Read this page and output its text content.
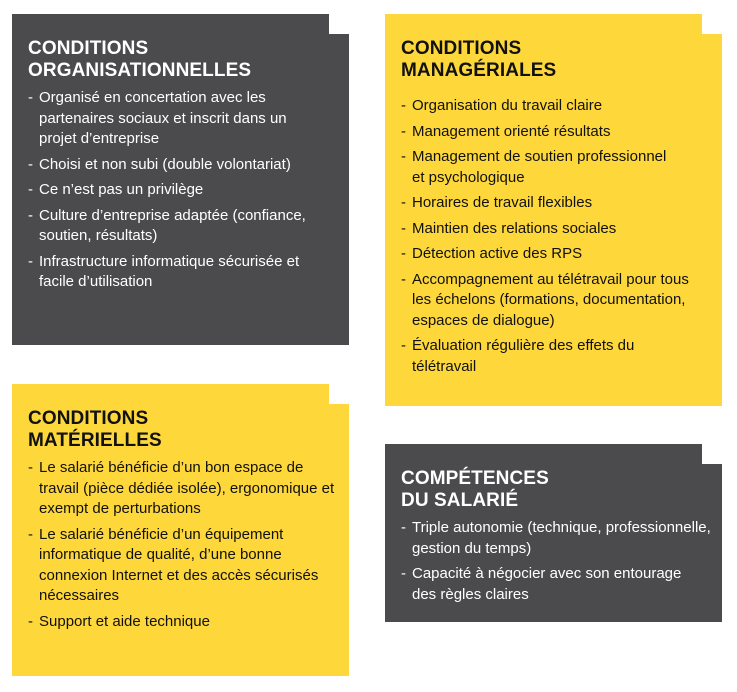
CONDITIONS
ORGANISATIONNELLES
- Organisé en concertation avec les partenaires sociaux et inscrit dans un projet d’entreprise
- Choisi et non subi (double volontariat)
- Ce n’est pas un privilège
- Culture d’entreprise adaptée (confiance, soutien, résultats)
- Infrastructure informatique sécurisée et facile d’utilisation
CONDITIONS
MANAGÉRIALES
- Organisation du travail claire
- Management orienté résultats
- Management de soutien professionnel et psychologique
- Horaires de travail flexibles
- Maintien des relations sociales
- Détection active des RPS
- Accompagnement au télétravail pour tous les échelons (formations, documentation, espaces de dialogue)
- Évaluation régulière des effets du télétravail
CONDITIONS
MATÉRIELLES
- Le salarié bénéficie d’un bon espace de travail (pièce dédiée isolée), ergonomique et exempt de perturbations
- Le salarié bénéficie d’un équipement informatique de qualité, d’une bonne connexion Internet et des accès sécurisés nécessaires
- Support et aide technique
COMPÉTENCES
DU SALARIÉ
- Triple autonomie (technique, professionnelle, gestion du temps)
- Capacité à négocier avec son entourage des règles claires
